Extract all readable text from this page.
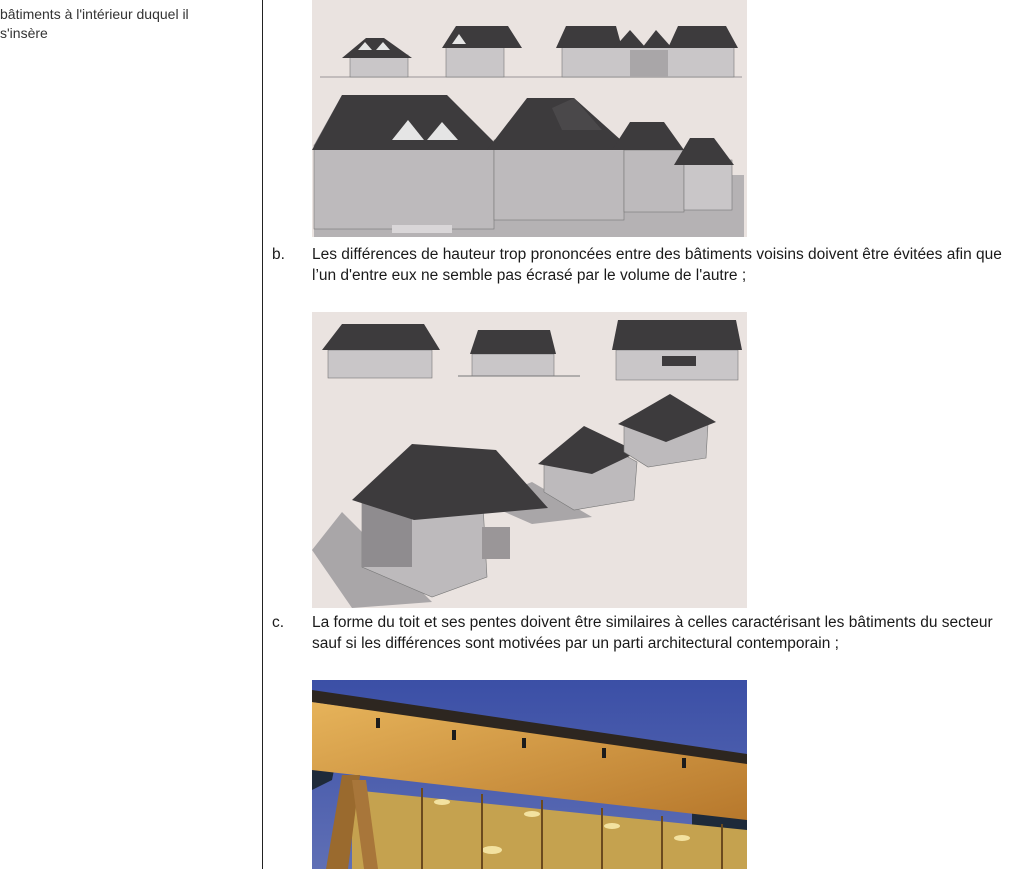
bâtiments à l'intérieur duquel il s'insère
b. Les différences de hauteur trop prononcées entre des bâtiments voisins doivent être évitées afin que l’un d'entre eux ne semble pas écrasé par le volume de l'autre ;
c. La forme du toit et ses pentes doivent être similaires à celles caractérisant les bâtiments du secteur sauf si les différences sont motivées par un parti architectural contemporain ;
